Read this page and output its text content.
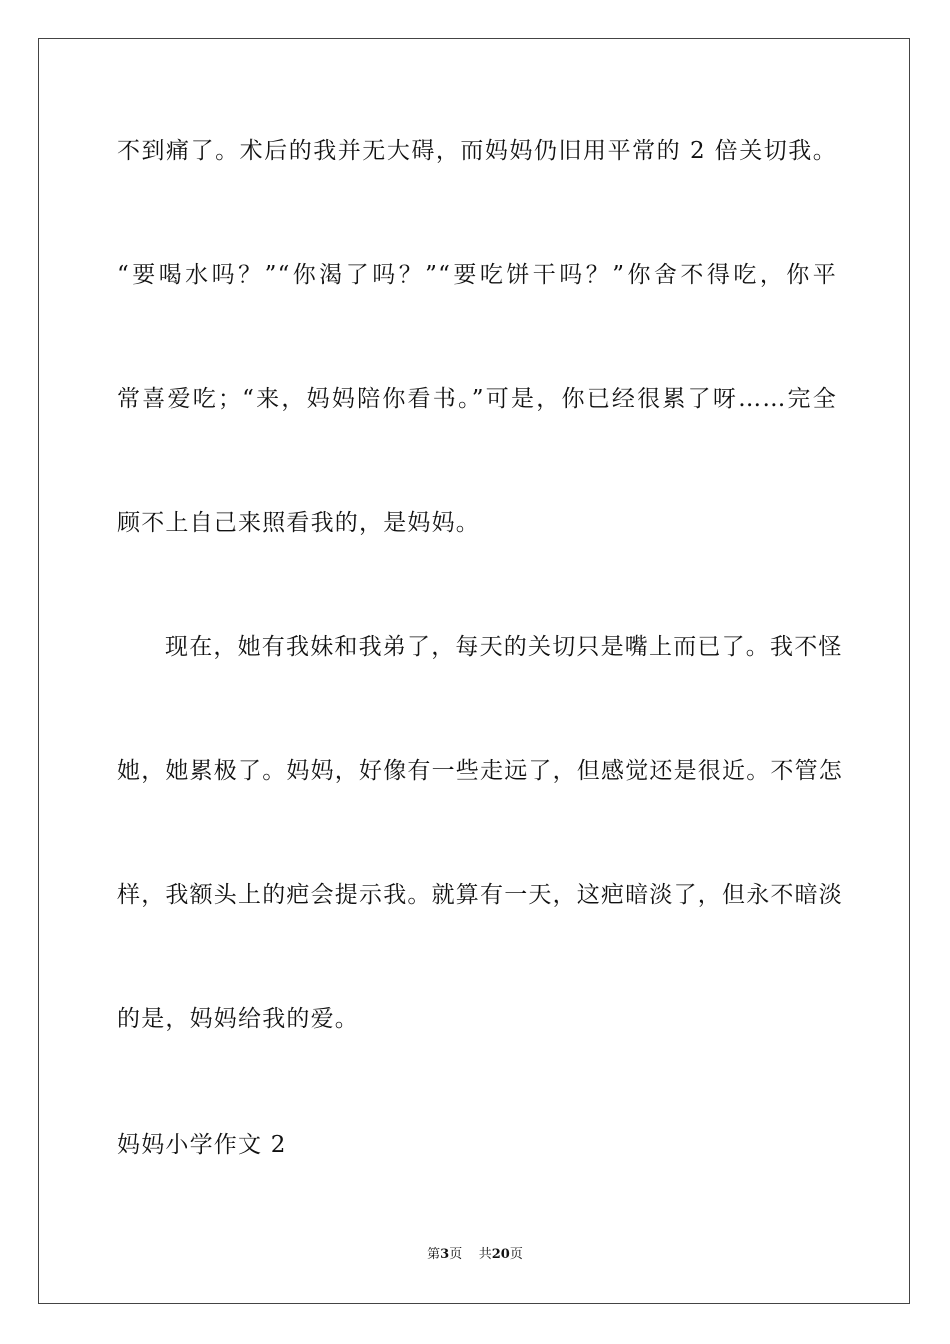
不到痛了。术后的我并无大碍，而妈妈仍旧用平常的 2 倍关切我。
“要喝水吗？”“你渴了吗？”“要吃饼干吗？”你舍不得吃，你平
常喜爱吃；“来，妈妈陪你看书。”可是，你已经很累了呀……完全
顾不上自己来照看我的，是妈妈。
现在，她有我妹和我弟了，每天的关切只是嘴上而已了。我不怪
她，她累极了。妈妈，好像有一些走远了，但感觉还是很近。不管怎
样，我额头上的疤会提示我。就算有一天，这疤暗淡了，但永不暗淡
的是，妈妈给我的爱。
妈妈小学作文 2
第3页 共20页
